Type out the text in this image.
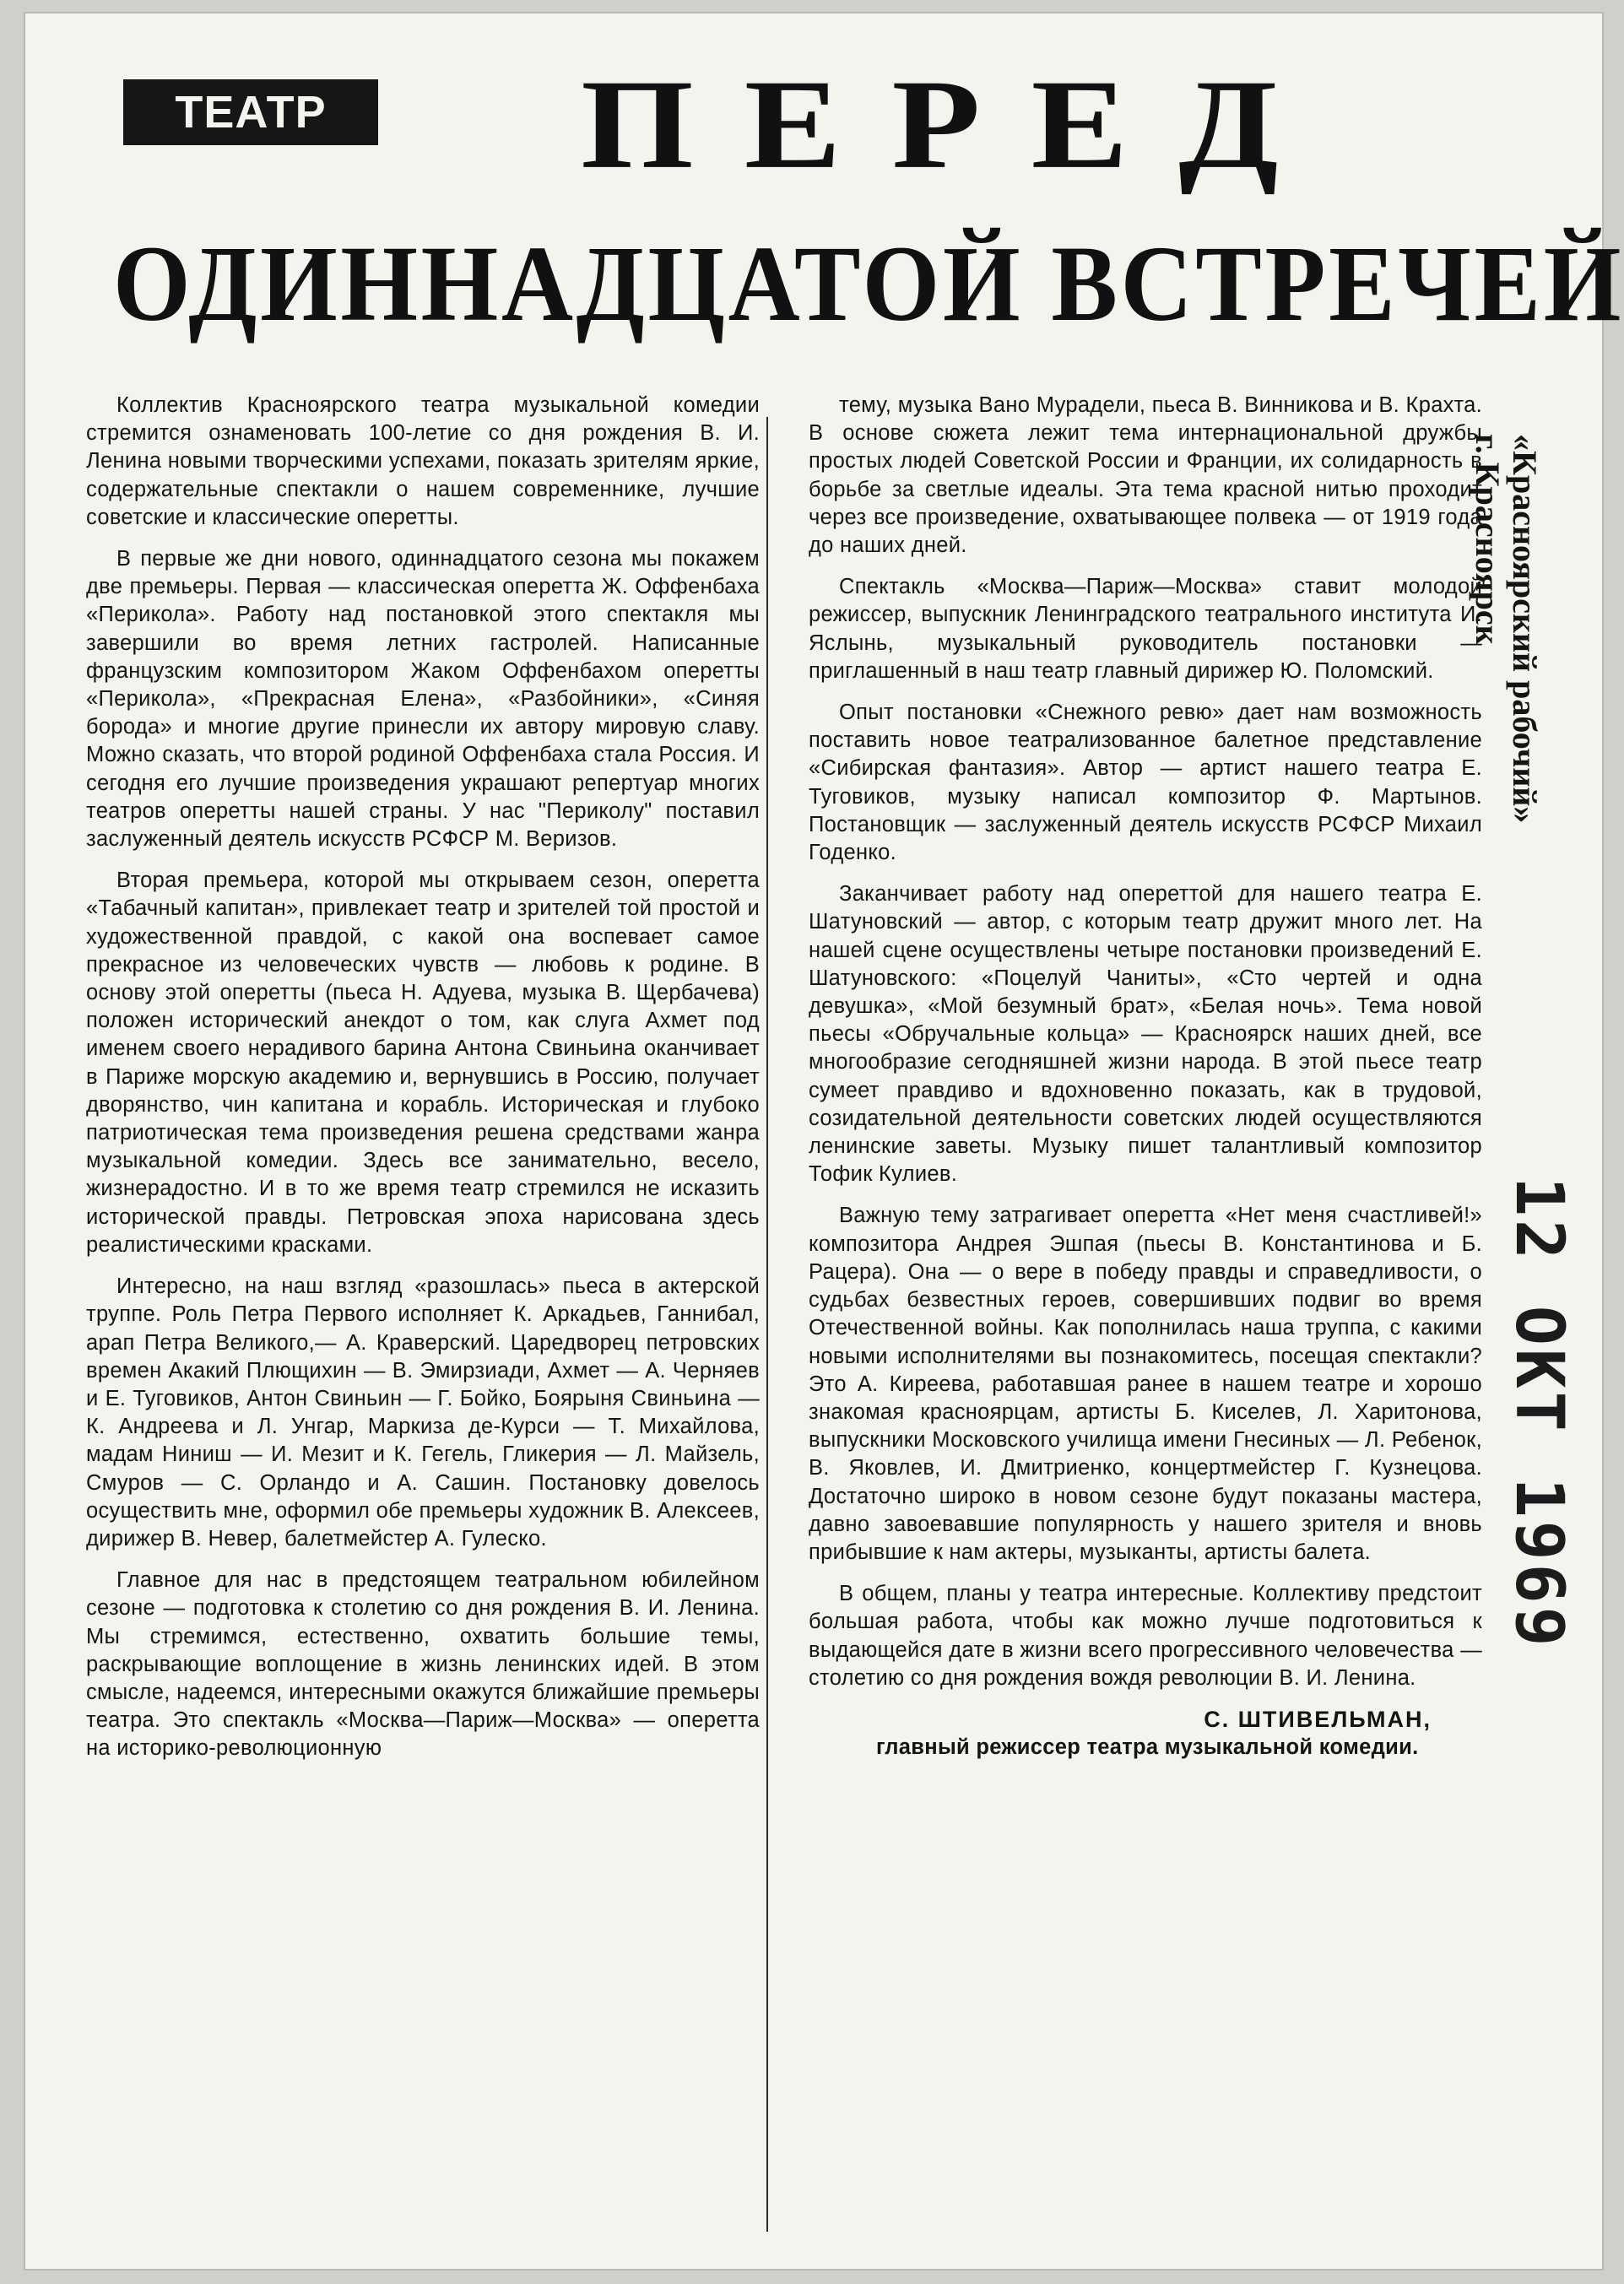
ТЕАТР	ПЕРЕД
ОДИННАДЦАТОЙ ВСТРЕЧЕЙ

Коллектив Красноярского театра музыкальной комедии стремится ознаменовать 100-летие со дня рождения В. И. Ленина новыми творческими успехами, показать зрителям яркие, содержательные спектакли о нашем современнике, лучшие советские и классические оперетты.

В первые же дни нового, одиннадцатого сезона мы покажем две премьеры. Первая — классическая оперетта Ж. Оффенбаха «Перикола». Работу над постановкой этого спектакля мы завершили во время летних гастролей. Написанные французским композитором Жаком Оффенбахом оперетты «Перикола», «Прекрасная Елена», «Разбойники», «Синяя борода» и многие другие принесли их автору мировую славу. Можно сказать, что второй родиной Оффенбаха стала Россия. И сегодня его лучшие произведения украшают репертуар многих театров оперетты нашей страны. У нас "Периколу" поставил заслуженный деятель искусств РСФСР М. Веризов.

Вторая премьера, которой мы открываем сезон, оперетта «Табачный капитан», привлекает театр и зрителей той простой и художественной правдой, с какой она воспевает самое прекрасное из человеческих чувств — любовь к родине. В основу этой оперетты (пьеса Н. Адуева, музыка В. Щербачева) положен исторический анекдот о том, как слуга Ахмет под именем своего нерадивого барина Антона Свиньина оканчивает в Париже морскую академию и, вернувшись в Россию, получает дворянство, чин капитана и корабль. Историческая и глубоко патриотическая тема произведения решена средствами жанра музыкальной комедии. Здесь все занимательно, весело, жизнерадостно. И в то же время театр стремился не исказить исторической правды. Петровская эпоха нарисована здесь реалистическими красками.

Интересно, на наш взгляд «разошлась» пьеса в актерской труппе. Роль Петра Первого исполняет К. Аркадьев, Ганнибал, арап Петра Великого,— А. Краверский. Царедворец петровских времен Акакий Плющихин — В. Эмирзиади, Ахмет — А. Черняев и Е. Туговиков, Антон Свиньин — Г. Бойко, Боярыня Свиньина — К. Андреева и Л. Унгар, Маркиза де-Курси — Т. Михайлова, мадам Ниниш — И. Мезит и К. Гегель, Гликерия — Л. Майзель, Смуров — С. Орландо и А. Сашин. Постановку довелось осуществить мне, оформил обе премьеры художник В. Алексеев, дирижер В. Невер, балетмейстер А. Гулеско.

Главное для нас в предстоящем театральном юбилейном сезоне — подготовка к столетию со дня рождения В. И. Ленина. Мы стремимся, естественно, охватить большие темы, раскрывающие воплощение в жизнь ленинских идей. В этом смысле, надеемся, интересными окажутся ближайшие премьеры театра. Это спектакль «Москва—Париж—Москва» — оперетта на историко-революционную

тему, музыка Вано Мурадели, пьеса В. Винникова и В. Крахта. В основе сюжета лежит тема интернациональной дружбы простых людей Советской России и Франции, их солидарность в борьбе за светлые идеалы. Эта тема красной нитью проходит через все произведение, охватывающее полвека — от 1919 года до наших дней.

Спектакль «Москва—Париж—Москва» ставит молодой режиссер, выпускник Ленинградского театрального института И. Яслынь, музыкальный руководитель постановки — приглашенный в наш театр главный дирижер Ю. Поломский.

Опыт постановки «Снежного ревю» дает нам возможность поставить новое театрализованное балетное представление «Сибирская фантазия». Автор — артист нашего театра Е. Туговиков, музыку написал композитор Ф. Мартынов. Постановщик — заслуженный деятель искусств РСФСР Михаил Годенко.

Заканчивает работу над опереттой для нашего театра Е. Шатуновский — автор, с которым театр дружит много лет. На нашей сцене осуществлены четыре постановки произведений Е. Шатуновского: «Поцелуй Чаниты», «Сто чертей и одна девушка», «Мой безумный брат», «Белая ночь». Тема новой пьесы «Обручальные кольца» — Красноярск наших дней, все многообразие сегодняшней жизни народа. В этой пьесе театр сумеет правдиво и вдохновенно показать, как в трудовой, созидательной деятельности советских людей осуществляются ленинские заветы. Музыку пишет талантливый композитор Тофик Кулиев.

Важную тему затрагивает оперетта «Нет меня счастливей!» композитора Андрея Эшпая (пьесы В. Константинова и Б. Рацера). Она — о вере в победу правды и справедливости, о судьбах безвестных героев, совершивших подвиг во время Отечественной войны. Как пополнилась наша труппа, с какими новыми исполнителями вы познакомитесь, посещая спектакли? Это А. Киреева, работавшая ранее в нашем театре и хорошо знакомая красноярцам, артисты Б. Киселев, Л. Харитонова, выпускники Московского училища имени Гнесиных — Л. Ребенок, В. Яковлев, И. Дмитриенко, концертмейстер Г. Кузнецова. Достаточно широко в новом сезоне будут показаны мастера, давно завоевавшие популярность у нашего зрителя и вновь прибывшие к нам актеры, музыканты, артисты балета.

В общем, планы у театра интересные. Коллективу предстоит большая работа, чтобы как можно лучше подготовиться к выдающейся дате в жизни всего прогрессивного человечества — столетию со дня рождения вождя революции В. И. Ленина.

С. ШТИВЕЛЬМАН,

главный режиссер театра музыкальной комедии.

«Красноярский рабочий»
г. Красноярск
12 ОКТ 1969
